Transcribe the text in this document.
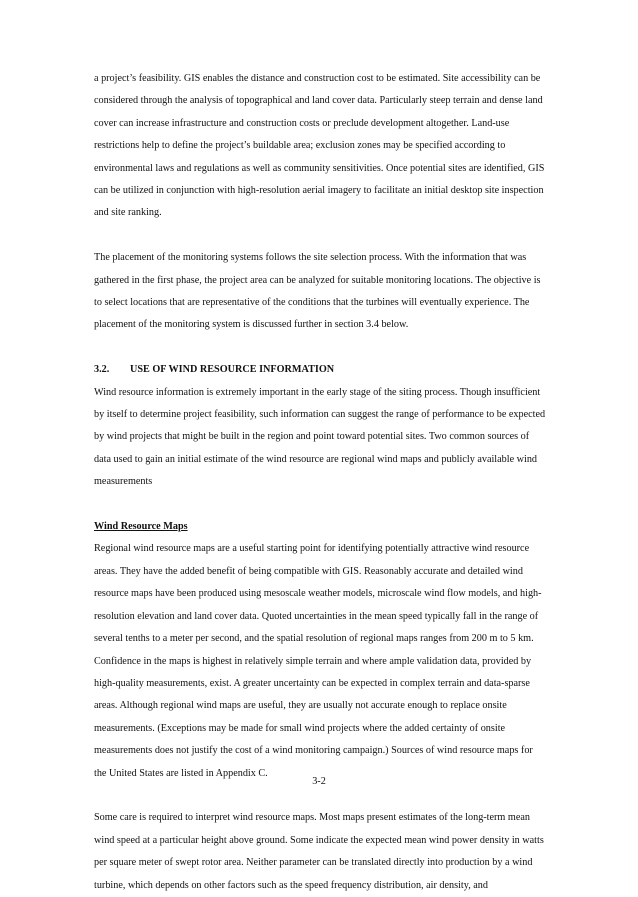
a project’s feasibility. GIS enables the distance and construction cost to be estimated. Site accessibility can be considered through the analysis of topographical and land cover data. Particularly steep terrain and dense land cover can increase infrastructure and construction costs or preclude development altogether. Land-use restrictions help to define the project’s buildable area; exclusion zones may be specified according to environmental laws and regulations as well as community sensitivities. Once potential sites are identified, GIS can be utilized in conjunction with high-resolution aerial imagery to facilitate an initial desktop site inspection and site ranking.

The placement of the monitoring systems follows the site selection process. With the information that was gathered in the first phase, the project area can be analyzed for suitable monitoring locations. The objective is to select locations that are representative of the conditions that the turbines will eventually experience. The placement of the monitoring system is discussed further in section 3.4 below.

3.2. USE OF WIND RESOURCE INFORMATION

Wind resource information is extremely important in the early stage of the siting process. Though insufficient by itself to determine project feasibility, such information can suggest the range of performance to be expected by wind projects that might be built in the region and point toward potential sites. Two common sources of data used to gain an initial estimate of the wind resource are regional wind maps and publicly available wind measurements

Wind Resource Maps

Regional wind resource maps are a useful starting point for identifying potentially attractive wind resource areas. They have the added benefit of being compatible with GIS. Reasonably accurate and detailed wind resource maps have been produced using mesoscale weather models, microscale wind flow models, and high-resolution elevation and land cover data. Quoted uncertainties in the mean speed typically fall in the range of several tenths to a meter per second, and the spatial resolution of regional maps ranges from 200 m to 5 km. Confidence in the maps is highest in relatively simple terrain and where ample validation data, provided by high-quality measurements, exist. A greater uncertainty can be expected in complex terrain and data-sparse areas. Although regional wind maps are useful, they are usually not accurate enough to replace onsite measurements. (Exceptions may be made for small wind projects where the added certainty of onsite measurements does not justify the cost of a wind monitoring campaign.) Sources of wind resource maps for the United States are listed in Appendix C.

Some care is required to interpret wind resource maps. Most maps present estimates of the long-term mean wind speed at a particular height above ground. Some indicate the expected mean wind power density in watts per square meter of swept rotor area. Neither parameter can be translated directly into production by a wind turbine, which depends on other factors such as the speed frequency distribution, air density, and

3-2
